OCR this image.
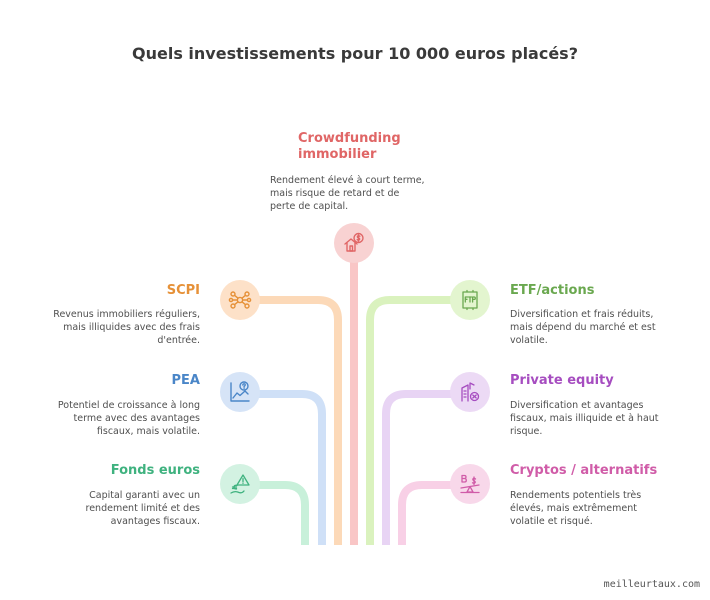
Quels investissements pour 10 000 euros placés?
Crowdfunding
immobilier
Rendement élevé à court terme,
mais risque de retard et de
perte de capital.
SCPI
Revenus immobiliers réguliers,
mais illiquides avec des frais
d'entrée.
ETF/actions
Diversification et frais réduits,
mais dépend du marché et est
volatile.
PEA
Potentiel de croissance à long
terme avec des avantages
fiscaux, mais volatile.
Private equity
Diversification et avantages
fiscaux, mais illiquide et à haut
risque.
Fonds euros
Capital garanti avec un
rendement limité et des
avantages fiscaux.
Cryptos / alternatifs
Rendements potentiels très
élevés, mais extrêmement
volatile et risqué.
meilleurtaux.com
